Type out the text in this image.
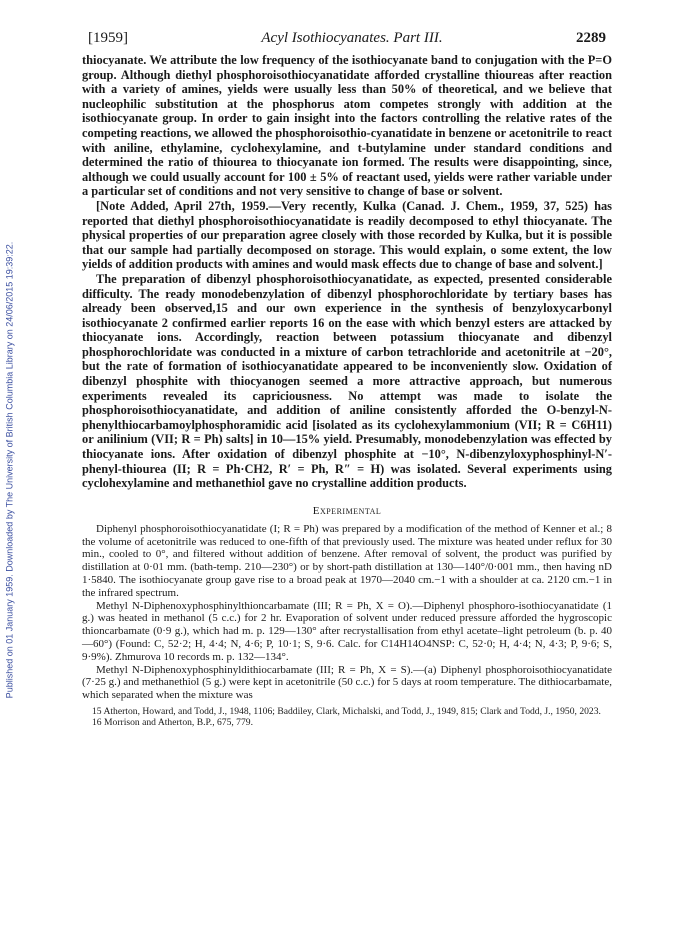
Published on 01 January 1959. Downloaded by The University of British Columbia Library on 24/06/2015 19:39:22.
[1959]	Acyl Isothiocyanates. Part III.	2289

thiocyanate. We attribute the low frequency of the isothiocyanate band to conjugation with the P=O group. Although diethyl phosphoroisothiocyanatidate afforded crystalline thioureas after reaction with a variety of amines, yields were usually less than 50% of theoretical, and we believe that nucleophilic substitution at the phosphorus atom competes strongly with addition at the isothiocyanate group. In order to gain insight into the factors controlling the relative rates of the competing reactions, we allowed the phosphoroisothio-cyanatidate in benzene or acetonitrile to react with aniline, ethylamine, cyclohexylamine, and t-butylamine under standard conditions and determined the ratio of thiourea to thiocyanate ion formed. The results were disappointing, since, although we could usually account for 100 ± 5% of reactant used, yields were rather variable under a particular set of conditions and not very sensitive to change of base or solvent.

[Note Added, April 27th, 1959.—Very recently, Kulka (Canad. J. Chem., 1959, 37, 525) has reported that diethyl phosphoroisothiocyanatidate is readily decomposed to ethyl thiocyanate. The physical properties of our preparation agree closely with those recorded by Kulka, but it is possible that our sample had partially decomposed on storage. This would explain, o some extent, the low yields of addition products with amines and would mask effects due to change of base and solvent.]

The preparation of dibenzyl phosphoroisothiocyanatidate, as expected, presented considerable difficulty. The ready monodebenzylation of dibenzyl phosphorochloridate by tertiary bases has already been observed,15 and our own experience in the synthesis of benzyloxycarbonyl isothiocyanate 2 confirmed earlier reports 16 on the ease with which benzyl esters are attacked by thiocyanate ions. Accordingly, reaction between potassium thiocyanate and dibenzyl phosphorochloridate was conducted in a mixture of carbon tetrachloride and acetonitrile at −20°, but the rate of formation of isothiocyanatidate appeared to be inconveniently slow. Oxidation of dibenzyl phosphite with thiocyanogen seemed a more attractive approach, but numerous experiments revealed its capriciousness. No attempt was made to isolate the phosphoroisothiocyanatidate, and addition of aniline consistently afforded the O-benzyl-N-phenylthiocarbamoylphosphoramidic acid [isolated as its cyclohexylammonium (VII; R = C6H11) or anilinium (VII; R = Ph) salts] in 10—15% yield. Presumably, monodebenzylation was effected by thiocyanate ions. After oxidation of dibenzyl phosphite at −10°, N-dibenzyloxyphosphinyl-N′-phenyl-thiourea (II; R = Ph·CH2, R′ = Ph, R″ = H) was isolated. Several experiments using cyclohexylamine and methanethiol gave no crystalline addition products.

Experimental

Diphenyl phosphoroisothiocyanatidate (I; R = Ph) was prepared by a modification of the method of Kenner et al.; 8 the volume of acetonitrile was reduced to one-fifth of that previously used. The mixture was heated under reflux for 30 min., cooled to 0°, and filtered without addition of benzene. After removal of solvent, the product was purified by distillation at 0·01 mm. (bath-temp. 210—230°) or by short-path distillation at 130—140°/0·001 mm., then having nD 1·5840. The isothiocyanate group gave rise to a broad peak at 1970—2040 cm.−1 with a shoulder at ca. 2120 cm.−1 in the infrared spectrum.

Methyl N-Diphenoxyphosphinylthioncarbamate (III; R = Ph, X = O).—Diphenyl phosphoro-isothiocyanatidate (1 g.) was heated in methanol (5 c.c.) for 2 hr. Evaporation of solvent under reduced pressure afforded the hygroscopic thioncarbamate (0·9 g.), which had m. p. 129—130° after recrystallisation from ethyl acetate–light petroleum (b. p. 40—60°) (Found: C, 52·2; H, 4·4; N, 4·6; P, 10·1; S, 9·6. Calc. for C14H14O4NSP: C, 52·0; H, 4·4; N, 4·3; P, 9·6; S, 9·9%). Zhmurova 10 records m. p. 132—134°.

Methyl N-Diphenoxyphosphinyldithiocarbamate (III; R = Ph, X = S).—(a) Diphenyl phosphoroisothiocyanatidate (7·25 g.) and methanethiol (5 g.) were kept in acetonitrile (50 c.c.) for 5 days at room temperature. The dithiocarbamate, which separated when the mixture was

15 Atherton, Howard, and Todd, J., 1948, 1106; Baddiley, Clark, Michalski, and Todd, J., 1949, 815; Clark and Todd, J., 1950, 2023.

16 Morrison and Atherton, B.P., 675, 779.
